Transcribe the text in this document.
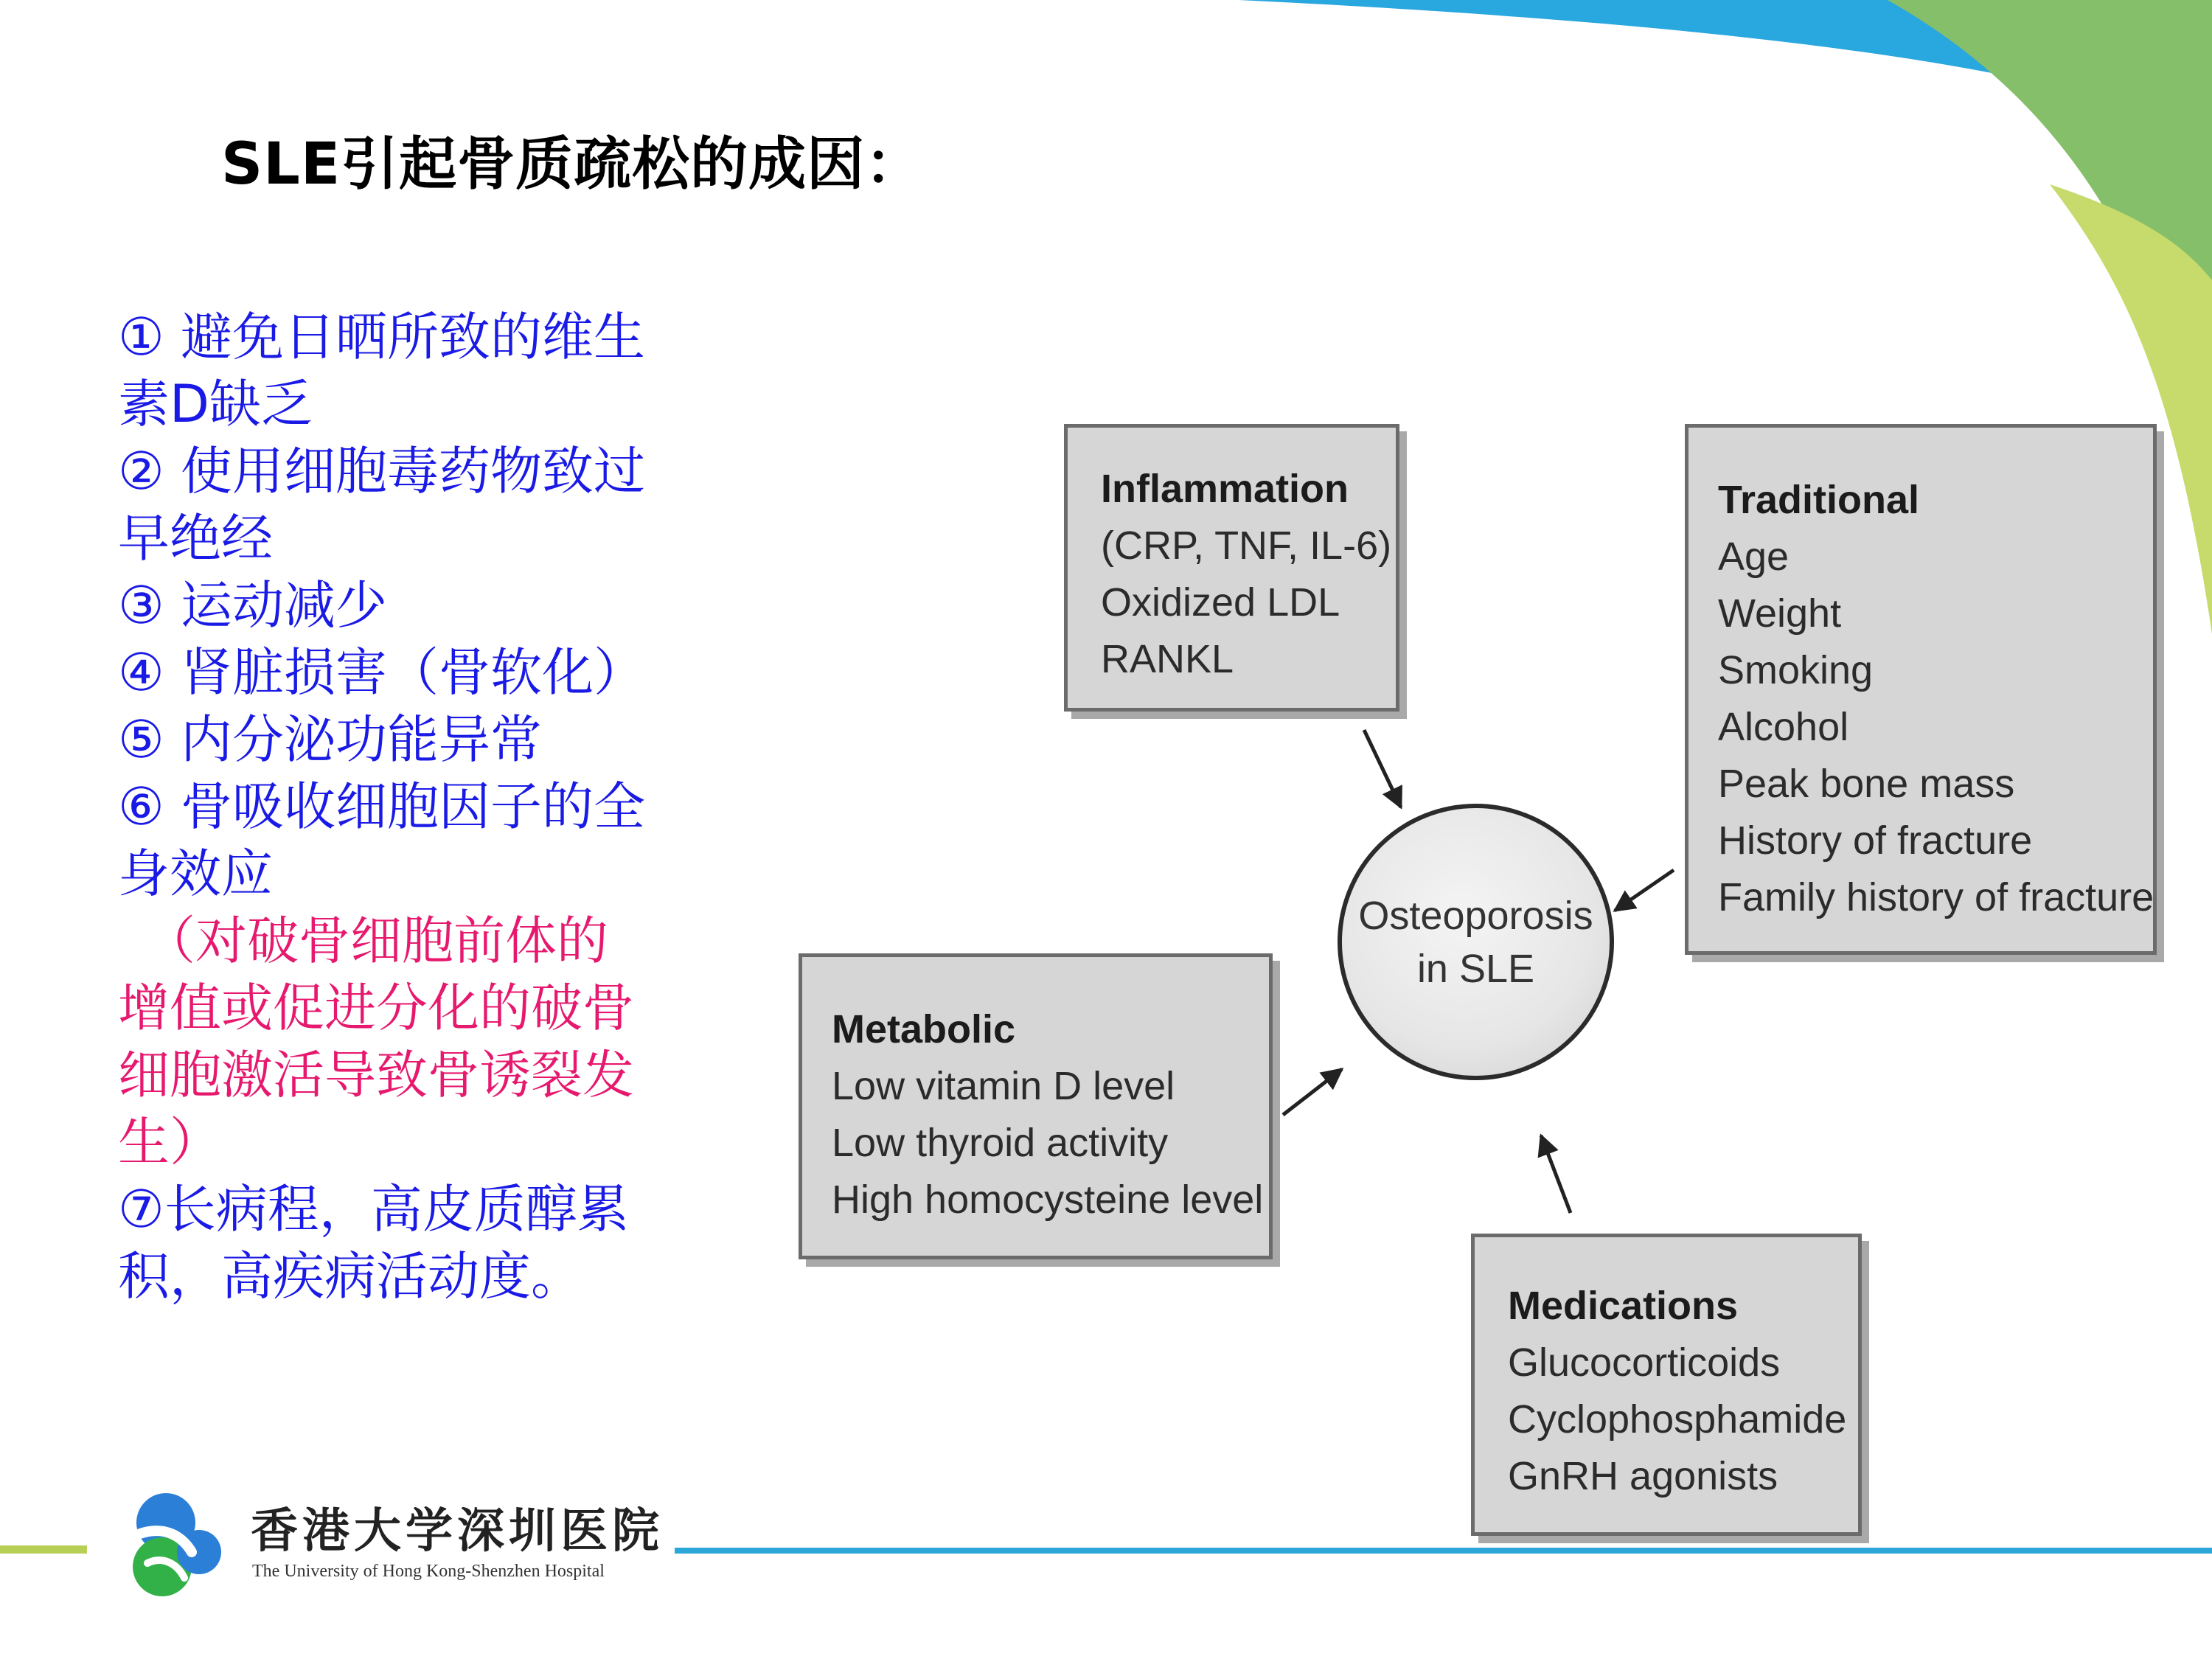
SLE引起骨质疏松的成因：
① 避免日晒所致的维生
素D缺乏
② 使用细胞毒药物致过
早绝经
③ 运动减少
④ 肾脏损害（骨软化）
⑤ 内分泌功能异常
⑥ 骨吸收细胞因子的全
身效应
　（对破骨细胞前体的
增值或促进分化的破骨
细胞激活导致骨诱裂发
生）
⑦长病程，高皮质醇累
积，高疾病活动度。
Inflammation
(CRP, TNF, IL-6)
Oxidized LDL
RANKL
Traditional
Age
Weight
Smoking
Alcohol
Peak bone mass
History of fracture
Family history of fracture
Osteoporosis
in SLE
Metabolic
Low vitamin D level
Low thyroid activity
High homocysteine level
Medications
Glucocorticoids
Cyclophosphamide
GnRH agonists
香港大学深圳医院
The University of Hong Kong-Shenzhen Hospital
